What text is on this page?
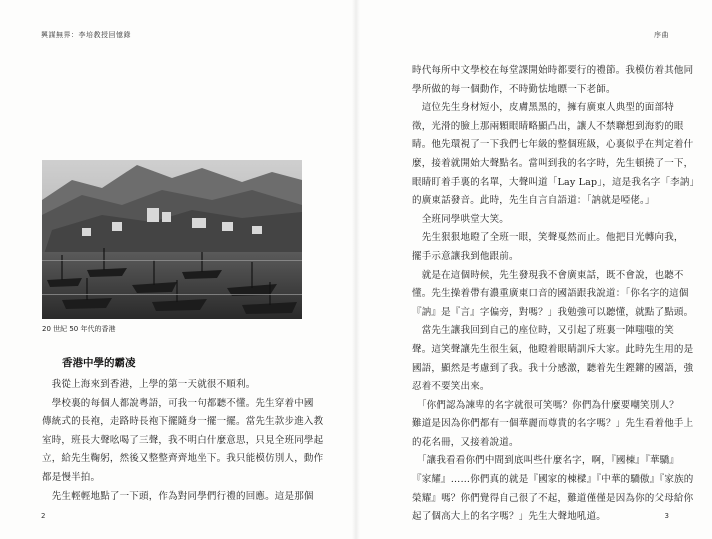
興謀無界：李培教授回憶錄
20 世紀 50 年代的香港
香港中學的霸凌

　我從上海來到香港，上學的第一天就很不順利。

　學校裏的每個人都說粵語，可我一句都聽不懂。先生穿着中國

傳統式的長袍，走路時長袍下擺隨身一擺一擺。當先生款步進入教

室時，班長大聲吆喝了三聲，我不明白什麼意思，只見全班同學起

立，給先生鞠躬，然後又整整齊齊地坐下。我只能模仿別人，動作

都是慢半拍。

　先生輕輕地點了一下頭，作為對同學們行禮的回應。這是那個

2
序曲
3

時代每所中文學校在每堂課開始時都要行的禮節。我模仿着其他同

學所做的每一個動作，不時勤怯地瞟一下老師。

　這位先生身材短小，皮膚黑黑的，擁有廣東人典型的面部特

徵，光滑的臉上那兩顆眼睛略顯凸出，讓人不禁聯想到海豹的眼

睛。他先環視了一下我們七年級的整個班級，心裏似乎在判定着什

麼，接着就開始大聲點名。當叫到我的名字時，先生頓撓了一下，

眼睛盯着手裏的名單，大聲叫道「Lay Lap」，這是我名字「李訥」

的廣東話發音。此時，先生自言自語道：「訥就是啞佬。」

　全班同學哄堂大笑。

　先生狠狠地瞪了全班一眼，笑聲戛然而止。他把目光轉向我，

擺手示意讓我到他跟前。

　就是在這個時候，先生發現我不會廣東話，既不會說，也聽不

懂。先生操着帶有濃重廣東口音的國語跟我說道：「你名字的這個

『訥』是『言』字偏旁，對嗎？」我勉強可以聽懂，就點了點頭。

　當先生讓我回到自己的座位時，又引起了班裏一陣嗤嗤的笑

聲。這笑聲讓先生很生氣，他瞪着眼睛訓斥大家。此時先生用的是

國語，顯然是考慮到了我。我十分感激，聽着先生鏗鏘的國語，強

忍着不要笑出來。

　「你們認為諫卑的名字就很可笑嗎？你們為什麼要嘲笑別人？

難道是因為你們都有一個華麗而尊貴的名字嗎？」先生看着他手上

的花名冊，又接着說道。

　「讓我看看你們中間到底叫些什麼名字，啊，『國棟』『華驕』

『家耀』……你們真的就是『國家的棟樑』『中華的驕傲』『家族的

榮耀』嗎？你們覺得自己很了不起，難道僅僅是因為你的父母給你

起了個高大上的名字嗎？」先生大聲地吼道。
